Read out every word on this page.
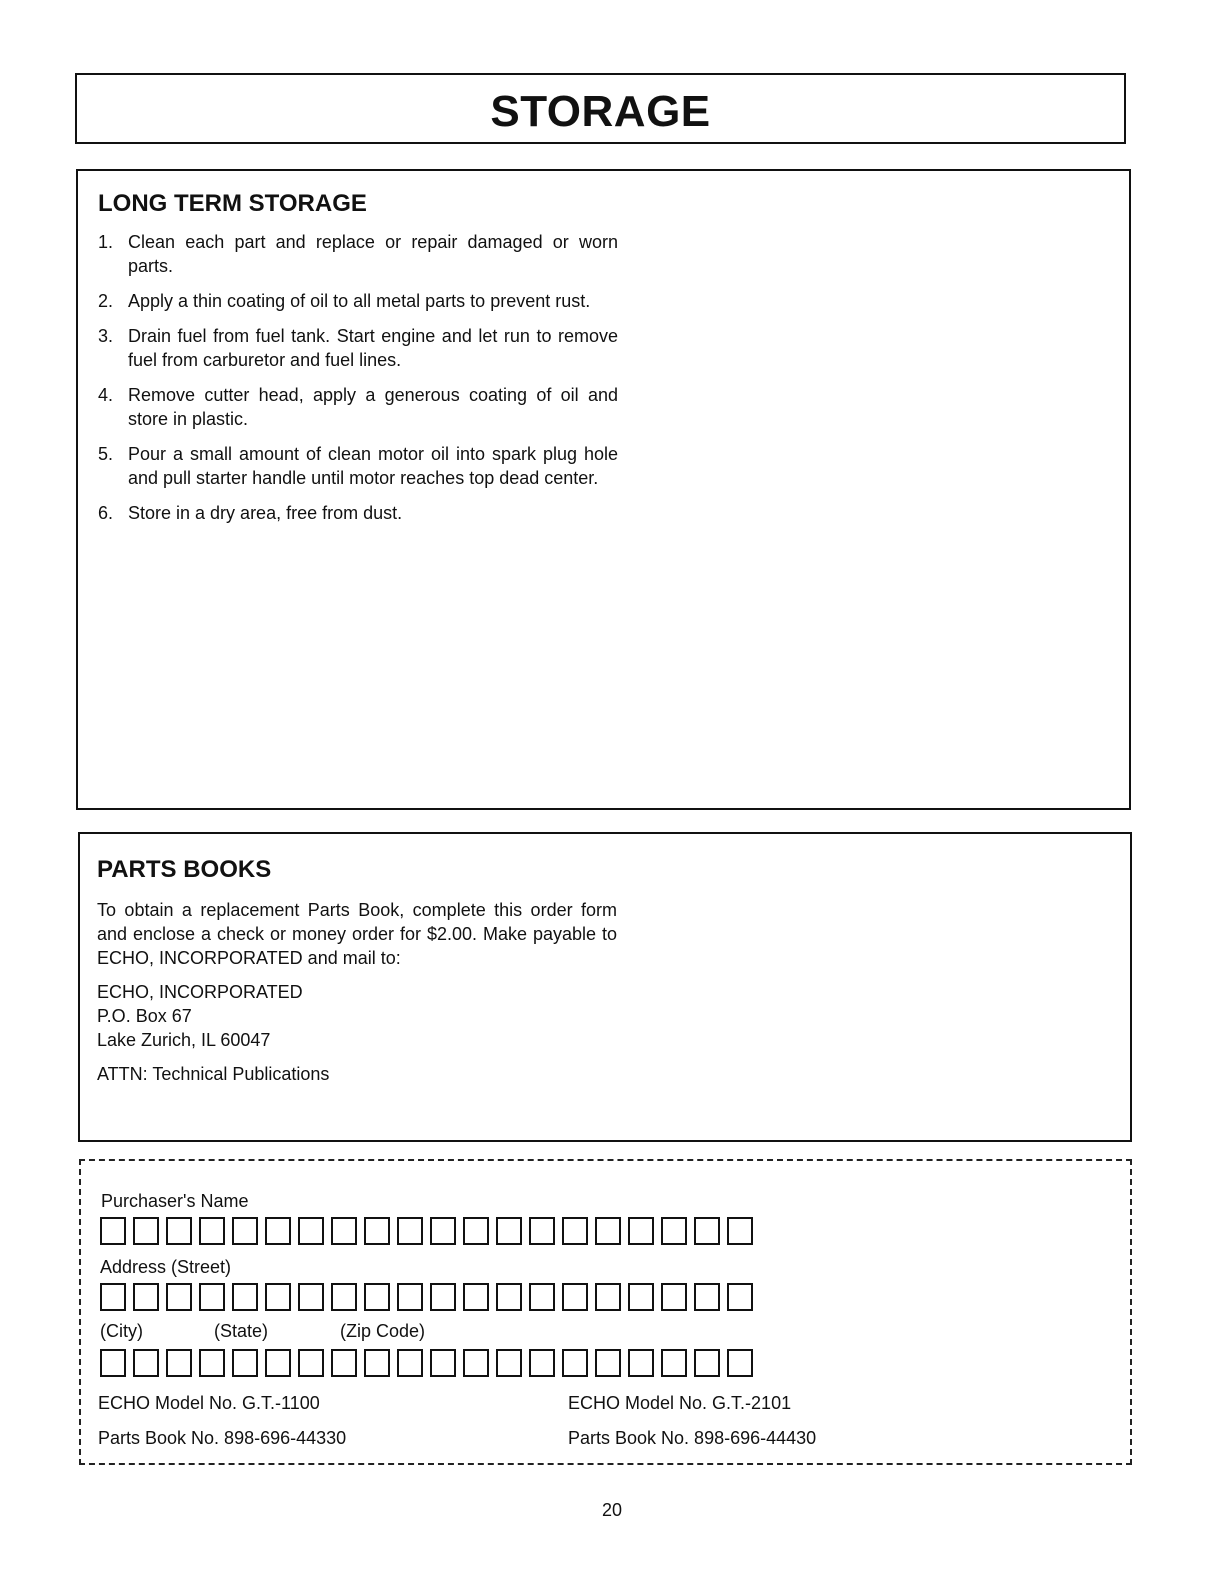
STORAGE
LONG TERM STORAGE
1. Clean each part and replace or repair damaged or worn parts.
2. Apply a thin coating of oil to all metal parts to prevent rust.
3. Drain fuel from fuel tank. Start engine and let run to remove fuel from carburetor and fuel lines.
4. Remove cutter head, apply a generous coating of oil and store in plastic.
5. Pour a small amount of clean motor oil into spark plug hole and pull starter handle until motor reaches top dead center.
6. Store in a dry area, free from dust.
PARTS BOOKS

To obtain a replacement Parts Book, complete this order form and enclose a check or money order for $2.00. Make payable to ECHO, INCORPORATED and mail to:

ECHO, INCORPORATED

P.O. Box 67

Lake Zurich, IL 60047

ATTN: Technical Publications

Purchaser's Name
Address (Street)
(City)	(State)	(Zip Code)
ECHO Model No. G.T.-1100
Parts Book No. 898-696-44330
ECHO Model No. G.T.-2101
Parts Book No. 898-696-44430
20
